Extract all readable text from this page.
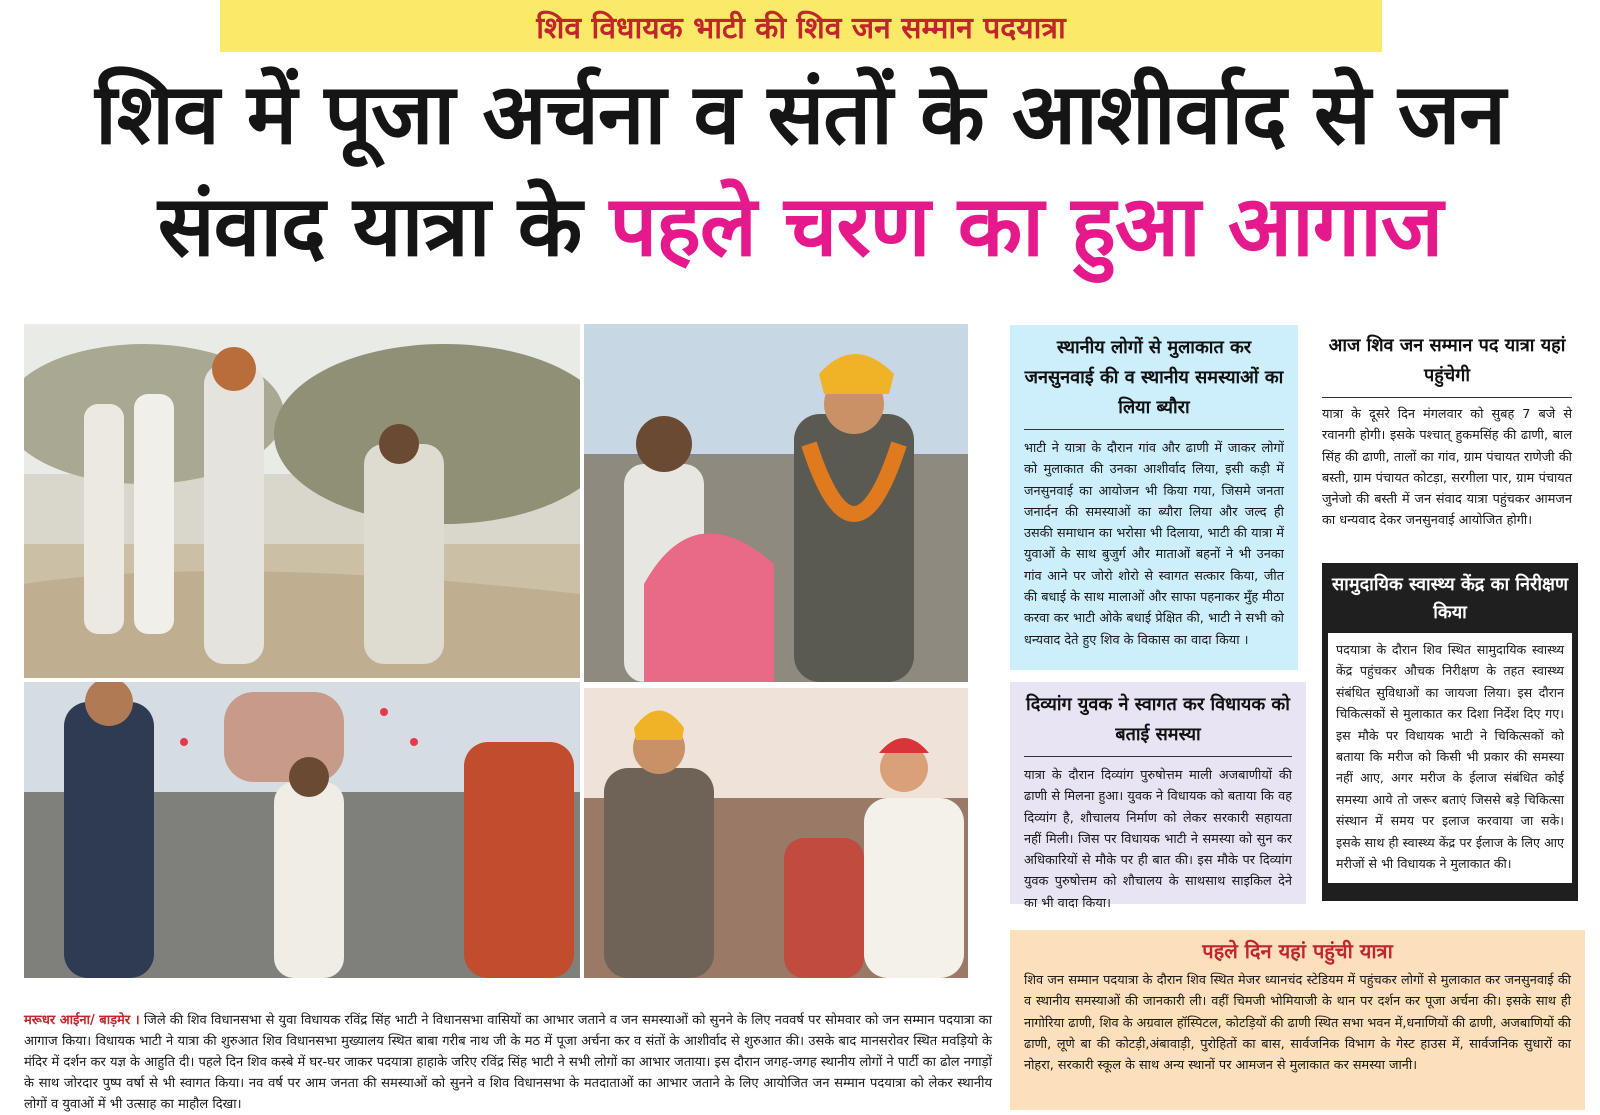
शिव विधायक भाटी की शिव जन सम्मान पदयात्रा
शिव में पूजा अर्चना व संतों के आशीर्वाद से जन
संवाद यात्रा के पहले चरण का हुआ आगाज
स्थानीय लोगों से मुलाकात कर जनसुनवाई की व स्थानीय समस्याओं का लिया ब्यौरा
भाटी ने यात्रा के दौरान गांव और ढाणी में जाकर लोगों को मुलाकात की उनका आशीर्वाद लिया, इसी कड़ी में जनसुनवाई का आयोजन भी किया गया, जिसमे जनता जनार्दन की समस्याओं का ब्यौरा लिया और जल्द ही उसकी समाधान का भरोसा भी दिलाया, भाटी की यात्रा में युवाओं के साथ बुजुर्ग और माताओं बहनों ने भी उनका गांव आने पर जोरो शोरो से स्वागत सत्कार किया, जीत की बधाई के साथ मालाओं और साफा पहनाकर मुँह मीठा करवा कर भाटी ओके बधाई प्रेक्षित की, भाटी ने सभी को धन्यवाद देते हुए शिव के विकास का वादा किया ।
आज शिव जन सम्मान पद यात्रा यहां पहुंचेगी
यात्रा के दूसरे दिन मंगलवार को सुबह 7 बजे से रवानगी होगी। इसके पश्चात् हुकमसिंह की ढाणी, बाल सिंह की ढाणी, तालों का गांव, ग्राम पंचायत राणेजी की बस्ती, ग्राम पंचायत कोटड़ा, सरगीला पार, ग्राम पंचायत जुनेजो की बस्ती में जन संवाद यात्रा पहुंचकर आमजन का धन्यवाद देकर जनसुनवाई आयोजित होगी।
दिव्यांग युवक ने स्वागत कर विधायक को बताई समस्या
यात्रा के दौरान दिव्यांग पुरुषोत्तम माली अजबाणीयों की ढाणी से मिलना हुआ। युवक ने विधायक को बताया कि वह दिव्यांग है, शौचालय निर्माण को लेकर सरकारी सहायता नहीं मिली। जिस पर विधायक भाटी ने समस्या को सुन कर अधिकारियों से मौके पर ही बात की। इस मौके पर दिव्यांग युवक पुरुषोत्तम को शौचालय के साथ‌‌साथ साइकिल देने का भी वादा किया।
सामुदायिक स्वास्थ्य केंद्र का निरीक्षण किया
पदयात्रा के दौरान शिव स्थित सामुदायिक स्वास्थ्य केंद्र पहुंचकर औचक निरीक्षण के तहत स्वास्थ्य संबंधित सुविधाओं का जायजा लिया। इस दौरान चिकित्सकों से मुलाकात कर दिशा निर्देश दिए गए। इस मौके पर विधायक भाटी ने चिकित्सकों को बताया कि मरीज को किसी भी प्रकार की समस्या नहीं आए, अगर मरीज के ईलाज संबंधित कोई समस्या आये तो जरूर बताएं जिससे बड़े चिकित्सा संस्थान में समय पर इलाज करवाया जा सके। इसके साथ ही स्वास्थ्य केंद्र पर ईलाज के लिए आए मरीजों से भी विधायक ने मुलाकात की।
पहले दिन यहां पहुंची यात्रा
शिव जन सम्मान पदयात्रा के दौरान शिव स्थित मेजर ध्यानचंद स्टेडियम में पहुंचकर लोगों से मुलाकात कर जनसुनवाई की व स्थानीय समस्याओं की जानकारी ली। वहीं चिमजी भोमियाजी के थान पर दर्शन कर पूजा अर्चना की। इसके साथ ही नागोरिया ढाणी, शिव के अग्रवाल हॉस्पिटल, कोटड़ियों की ढाणी स्थित सभा भवन में,धनाणियों की ढाणी, अजबाणियों की ढाणी, लूणे बा की कोटड़ी,अंबावाड़ी, पुरोहितों का बास, सार्वजनिक विभाग के गेस्ट हाउस में, सार्वजनिक सुधारों का नोहरा, सरकारी स्कूल के साथ अन्य स्थानों पर आमजन से मुलाकात कर समस्या जानी।
मरूधर आईना/ बाड़मेर । जिले की शिव विधानसभा से युवा विधायक रविंद्र सिंह भाटी ने विधानसभा वासियों का आभार जताने व जन समस्याओं को सुनने के लिए नववर्ष पर सोमवार को जन सम्मान पदयात्रा का आगाज किया। विधायक भाटी ने यात्रा की शुरुआत शिव विधानसभा मुख्यालय स्थित बाबा गरीब नाथ जी के मठ में पूजा अर्चना कर व संतों के आशीर्वाद से शुरुआत की। उसके बाद मानसरोवर स्थित मवड़ियो के मंदिर में दर्शन कर यज्ञ के आहुति दी। पहले दिन शिव कस्बे में घर-घर जाकर पदयात्रा हाहाके जरिए रविंद्र सिंह भाटी ने सभी लोगों का आभार जताया। इस दौरान जगह-जगह स्थानीय लोगों ने पार्टी का ढोल नगाड़ों के साथ जोरदार पुष्प वर्षा से भी स्वागत किया। नव वर्ष पर आम जनता की समस्याओं को सुनने व शिव विधानसभा के मतदाताओं का आभार जताने के लिए आयोजित जन सम्मान पदयात्रा को लेकर स्थानीय लोगों व युवाओं में भी उत्साह का माहौल दिखा।
